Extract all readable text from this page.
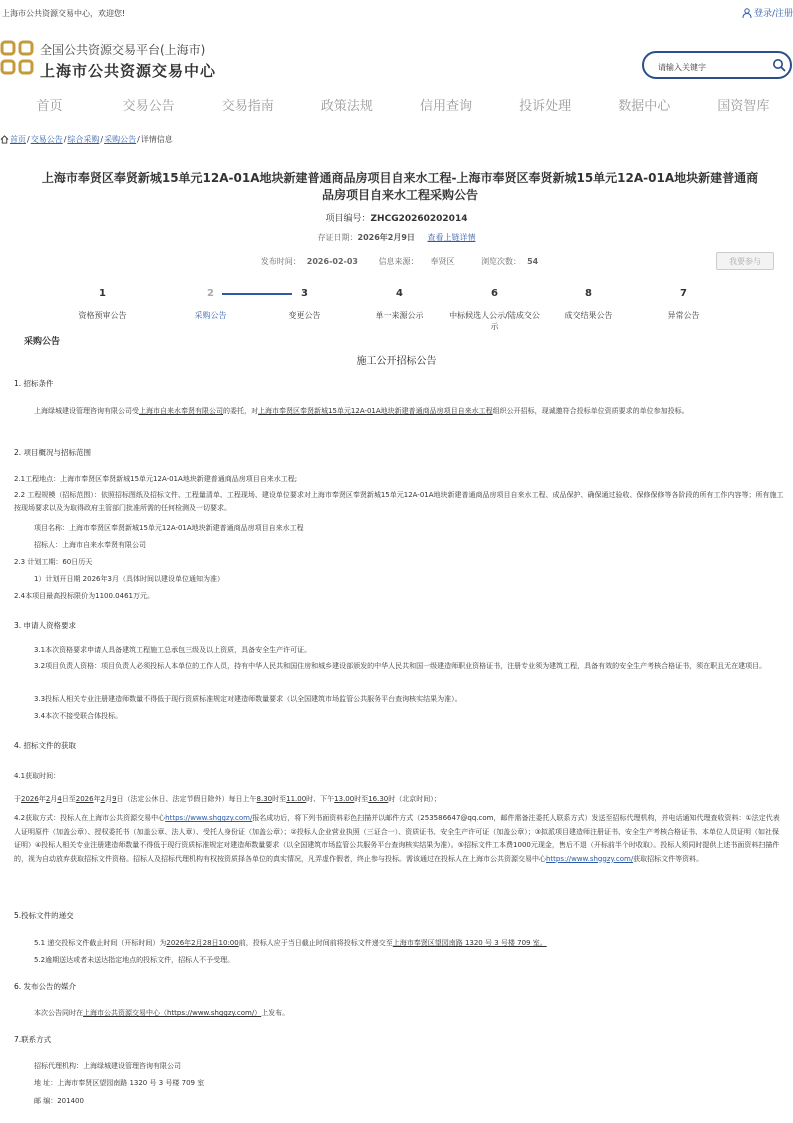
上海市公共资源交易中心，欢迎您!	登录/注册
全国公共资源交易平台(上海市)
上海市公共资源交易中心
请输入关键字
首页	交易公告	交易指南	政策法规	信用查询	投诉处理	数据中心	国资智库
首页 / 交易公告 / 综合采购 / 采购公告 / 详情信息
上海市奉贤区奉贤新城15单元12A-01A地块新建普通商品房项目自来水工程-上海市奉贤区奉贤新城15单元12A-01A地块新建普通商品房项目自来水工程采购公告
项目编号：ZHCG20260202014
存证日期：2026年2月9日 查看上链详情
发布时间： 2026-02-03	信息来源： 奉贤区	浏览次数： 54	我要参与
1
资格预审公告
2
采购公告
3
变更公告
4
单一来源公示
6
中标候选人公示/陆成交公示
8
成交结果公告
7
异常公告
采购公告
施工公开招标公告
1. 招标条件
上海绿城建设管理咨询有限公司受上海市自来水奉贤有限公司的委托，对上海市奉贤区奉贤新城15单元12A-01A地块新建普通商品房项目自来水工程组织公开招标，现诚邀符合投标单位资质要求的单位参加投标。
2. 项目概况与招标范围
2.1工程地点：上海市奉贤区奉贤新城15单元12A-01A地块新建普通商品房项目自来水工程;
2.2 工程规模（招标范围）：依照招标图纸及招标文件、工程量清单、工程现场、建设单位要求对上海市奉贤区奉贤新城15单元12A-01A地块新建普通商品房项目自来水工程、成品保护、确保通过验收、保修保修等各阶段的所有工作内容等；所有施工按现场要求以及为取得政府主管部门批准所需的任何检测及一切要求。
项目名称：上海市奉贤区奉贤新城15单元12A-01A地块新建普通商品房项目自来水工程
招标人：上海市自来水奉贤有限公司
2.3 计划工期：60日历天
1）计划开日期 2026年3月（具体时间以建设单位通知为准）
2.4本项目最高投标限价为1100.0461万元。
3. 申请人资格要求
3.1本次资格要求申请人具备建筑工程施工总承包三级及以上资质，具备安全生产许可证。
3.2项目负责人资格：项目负责人必须投标人本单位的工作人员，持有中华人民共和国住房和城乡建设部颁发的中华人民共和国一级建造师职业资格证书，注册专业须为建筑工程，具备有效的安全生产考核合格证书，须在职且无在建项目。
3.3投标人相关专业注册建造师数量不得低于现行资质标准规定对建造师数量要求（以全国建筑市场监管公共服务平台查询核实结果为准）。
3.4本次不接受联合体投标。
4. 招标文件的获取
4.1获取时间：
于2026年2月4日至2026年2月9日（法定公休日、法定节假日除外）每日上午8.30时至11.00时、下午13.00时至16.30时（北京时间）；
4.2获取方式：投标人在上海市公共资源交易中心https://www.shggzy.com/报名成功后，将下列书面资料彩色扫描并以邮件方式（253586647@qq.com，邮件需备注委托人联系方式）发送至招标代理机构，并电话通知代理查收资料：①法定代表人证明原件（加盖公章）、授权委托书（加盖公章、法人章）、受托人身份证（加盖公章）；②投标人企业营业执照（三证合一）、资质证书、安全生产许可证（加盖公章）；③拟派项目建造师注册证书、安全生产考核合格证书、本单位人员证明（如社保证明）④投标人相关专业注册建造师数量不得低于现行资质标准规定对建造师数量要求（以全国建筑市场监管公共服务平台查询核实结果为准）。⑤招标文件工本费1000元现金，售后不退（开标前半个时收取）。投标人须同时提供上述书面资料扫描件的，视为自动放弃获取招标文件资格。招标人及招标代理机构有权按资质择各单位的真实情况，凡弄虚作假者，终止参与投标。需该通过在投标人在上海市公共资源交易中心https://www.shggzy.com/获取招标文件等资料。
5.投标文件的递交
5.1 递交投标文件截止时间（开标时间）为2026年2月28日10:00前，投标人应于当日截止时间前将投标文件递交至上海市奉贤区望园南路 1320 号 3 号楼 709 室。
5.2逾期送达或者未送达指定地点的投标文件，招标人不予受理。
6. 发布公告的媒介
本次公告同时在上海市公共资源交易中心（https://www.shggzy.com/）上发布。
7.联系方式
招标代理机构：上海绿城建设管理咨询有限公司
地 址：上海市奉贤区望园南路 1320 号 3 号楼 709 室
邮 编：201400
